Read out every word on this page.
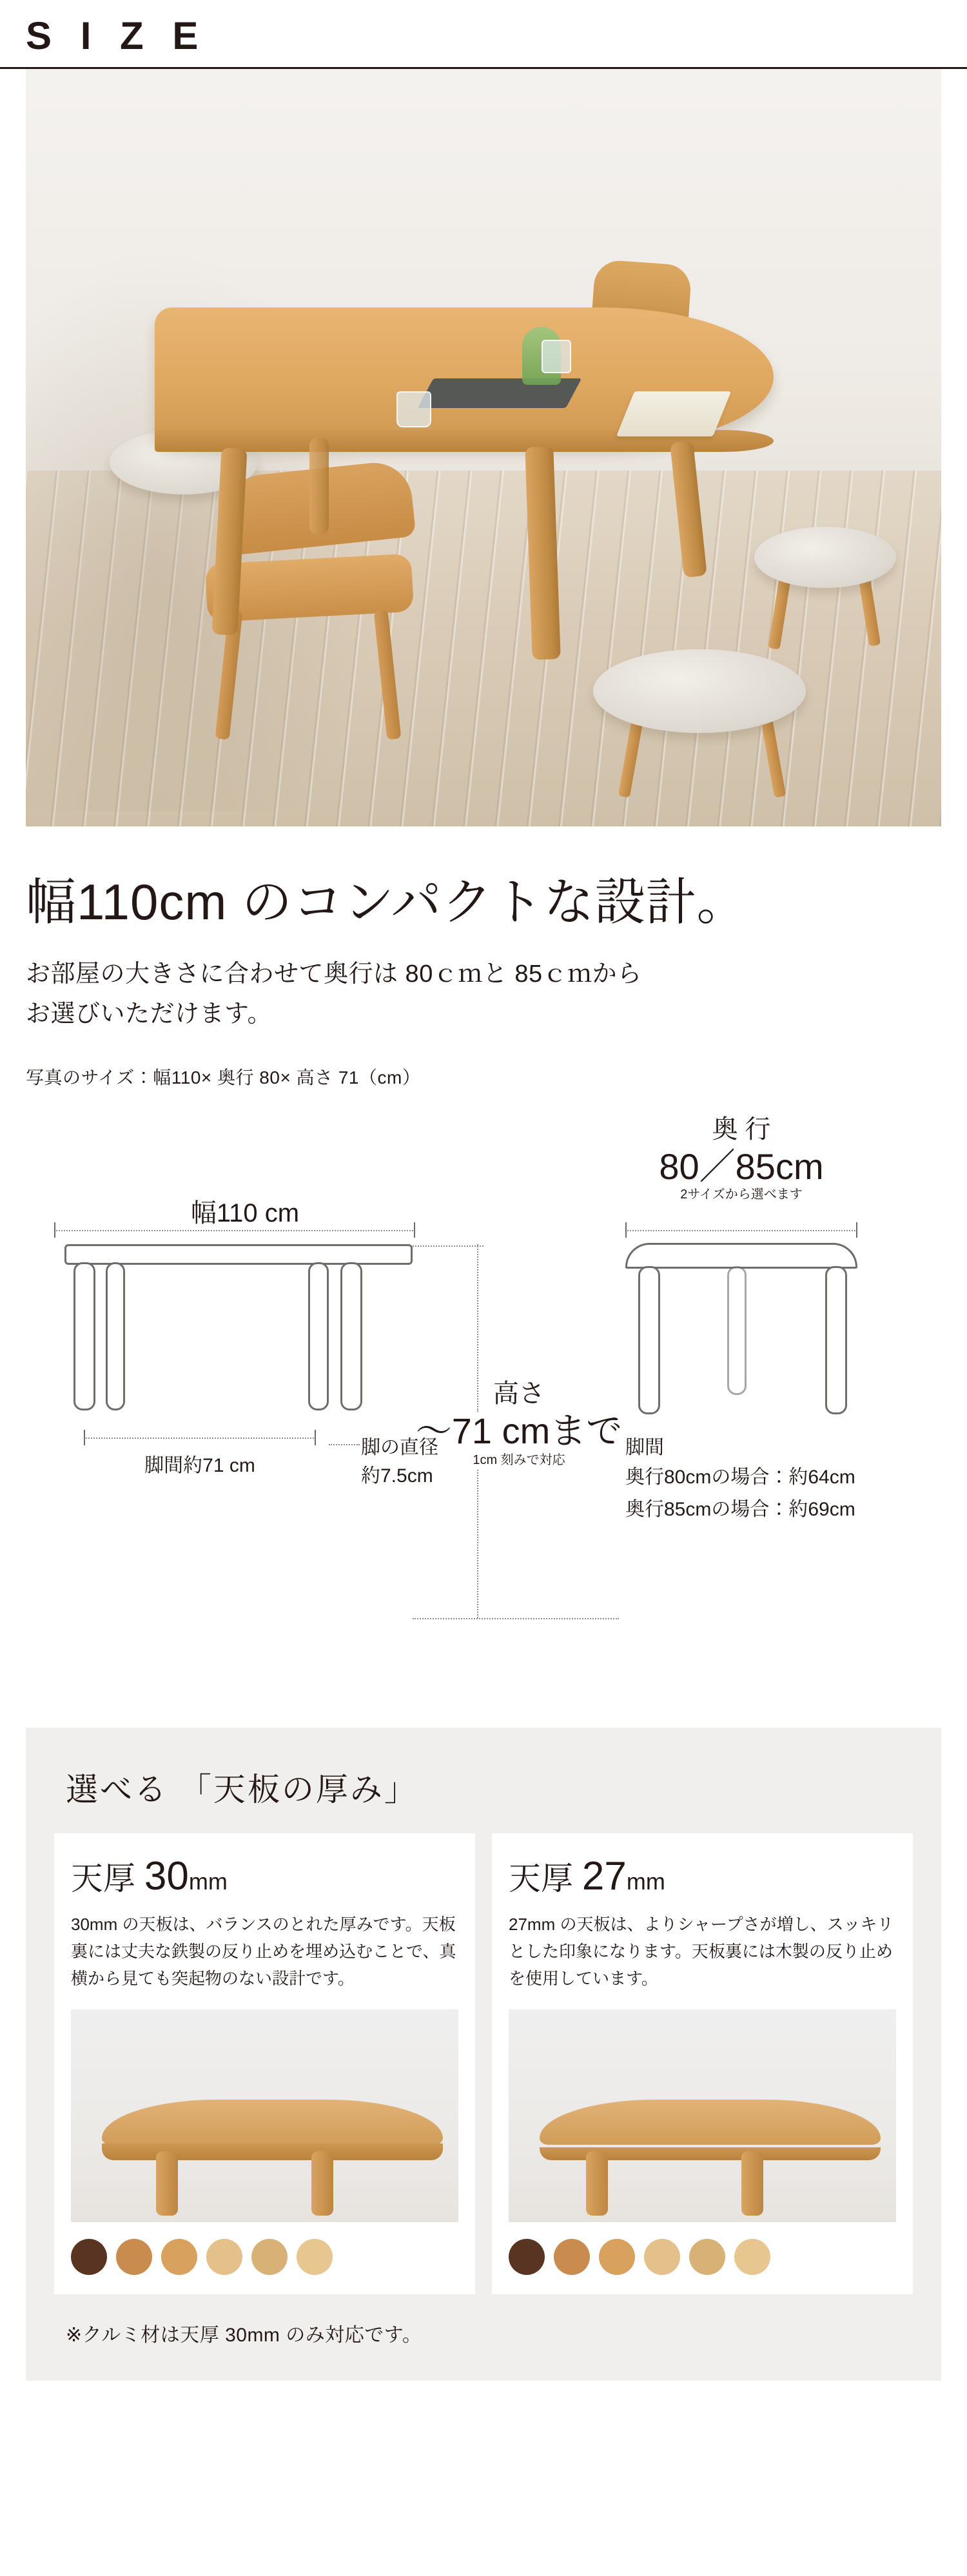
S I Z E
幅110cm のコンパクトな設計。
お部屋の大きさに合わせて奥行は 80ｃｍと 85ｃｍから
お選びいただけます。
写真のサイズ：幅110× 奥行 80× 高さ 71（cm）
奥 行
80／85cm
2サイズから選べます
幅110 cm
高さ
〜71 cmまで
1cm 刻みで対応
脚間約71 cm
脚の直径
約7.5cm
脚間
奥行80cmの場合：約64cm
奥行85cmの場合：約69cm
選べる 「天板の厚み」
天厚 30mm

30mm の天板は、バランスのとれた厚みです。天板裏には丈夫な鉄製の反り止めを埋め込むことで、真横から見ても突起物のない設計です。

天厚 27mm

27mm の天板は、よりシャープさが増し、スッキリとした印象になります。天板裏には木製の反り止めを使用しています。

※クルミ材は天厚 30mm のみ対応です。
